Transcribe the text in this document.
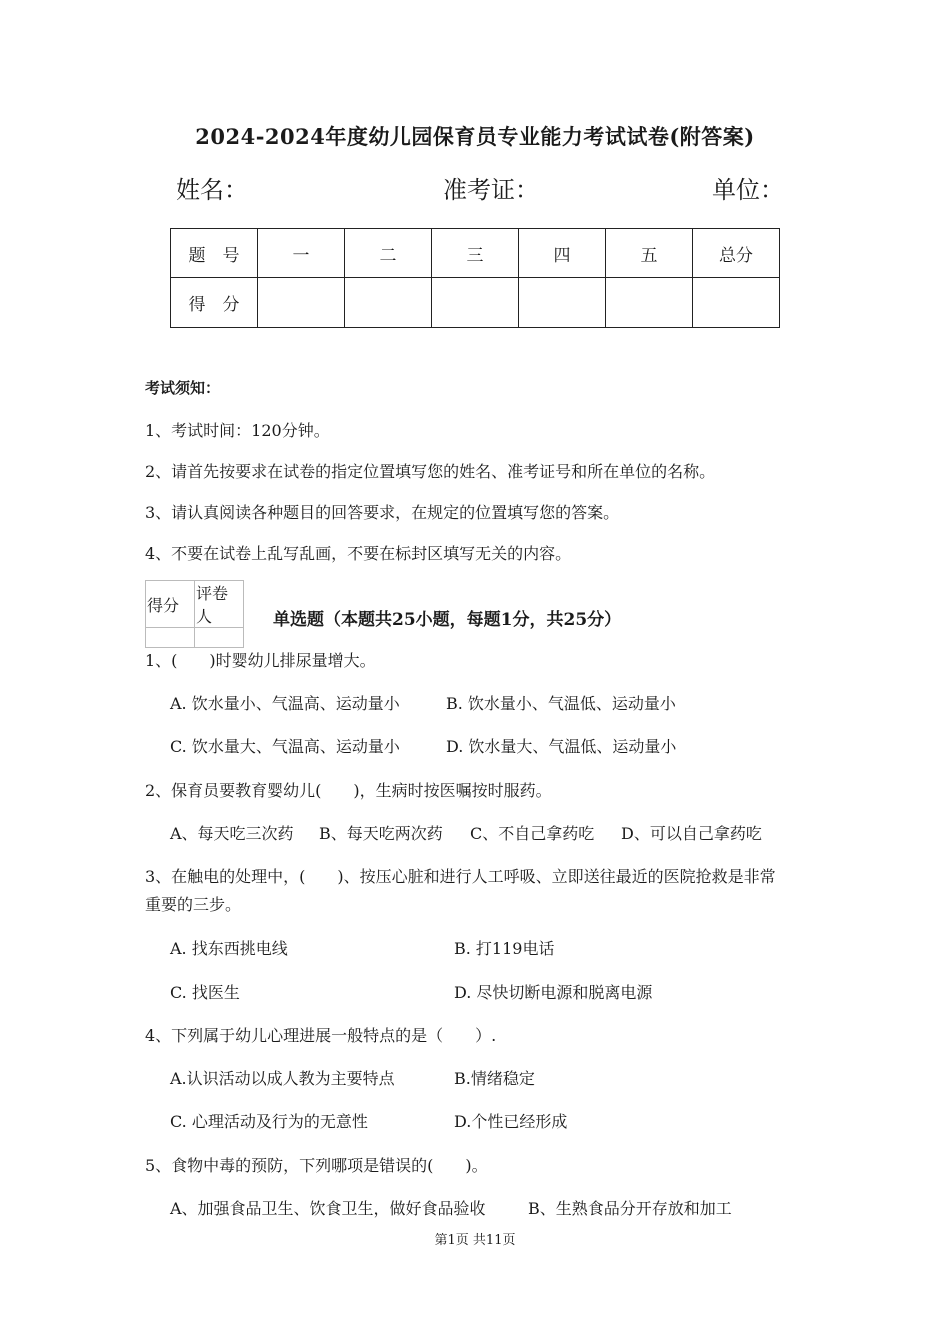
2024-2024年度幼儿园保育员专业能力考试试卷(附答案)
姓名：	准考证：	单位：
题　号	一	二	三	四	五	总分
得　分						
考试须知：
1、考试时间：120分钟。
2、请首先按要求在试卷的指定位置填写您的姓名、准考证号和所在单位的名称。
3、请认真阅读各种题目的回答要求，在规定的位置填写您的答案。
4、不要在试卷上乱写乱画，不要在标封区填写无关的内容。
得分	评卷人
		单选题（本题共25小题，每题1分，共25分）
1、(　　)时婴幼儿排尿量增大。
A. 饮水量小、气温高、运动量小	B. 饮水量小、气温低、运动量小
C. 饮水量大、气温高、运动量小	D. 饮水量大、气温低、运动量小
2、保育员要教育婴幼儿(　　)，生病时按医嘱按时服药。
A、每天吃三次药 B、每天吃两次药 C、不自己拿药吃 D、可以自己拿药吃
3、在触电的处理中，(　　)、按压心脏和进行人工呼吸、立即送往最近的医院抢救是非常
重要的三步。
A. 找东西挑电线	B. 打119电话
C. 找医生	D. 尽快切断电源和脱离电源
4、下列属于幼儿心理进展一般特点的是（　　）.
A.认识活动以成人教为主要特点	B.情绪稳定
C. 心理活动及行为的无意性	D.个性已经形成
5、食物中毒的预防，下列哪项是错误的(　　)。
A、加强食品卫生、饮食卫生，做好食品验收	B、生熟食品分开存放和加工
第1页 共11页
